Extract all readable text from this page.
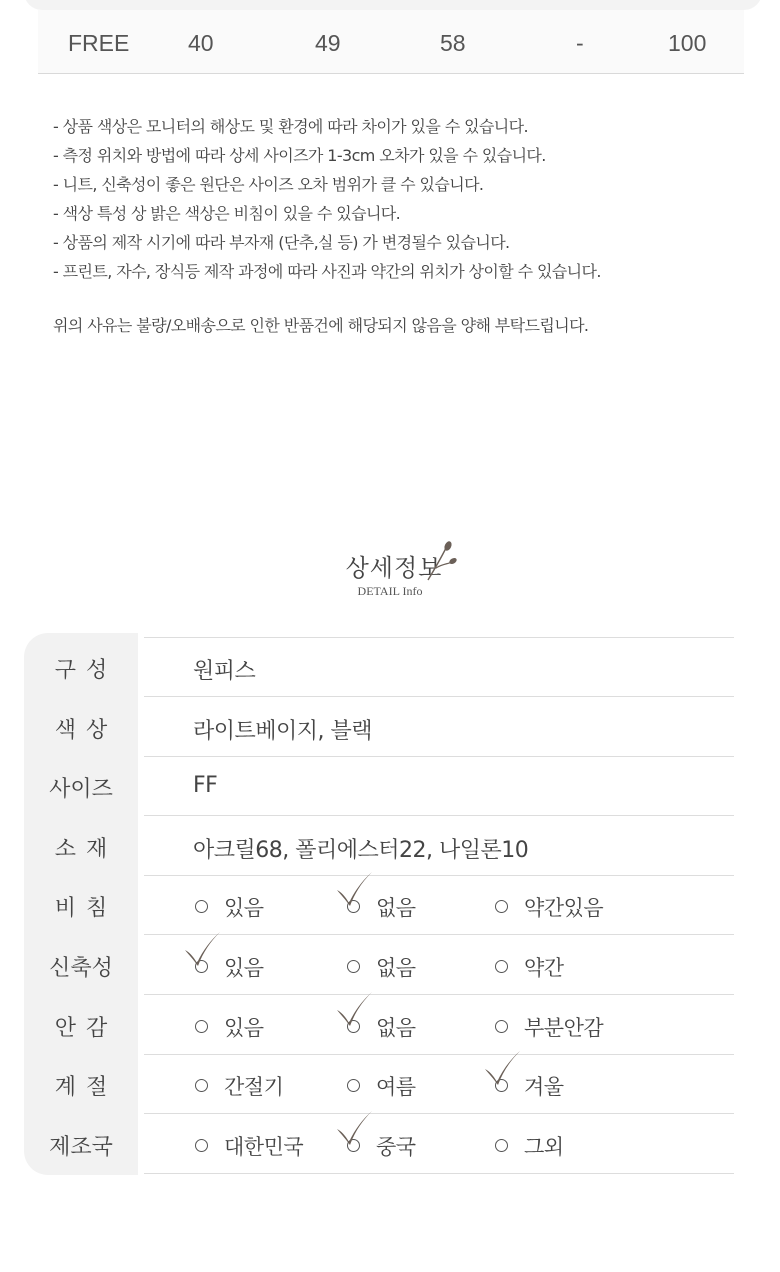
FREE	40	49	58	-	100
- 상품 색상은 모니터의 해상도 및 환경에 따라 차이가 있을 수 있습니다.
- 측정 위치와 방법에 따라 상세 사이즈가 1-3cm 오차가 있을 수 있습니다.
- 니트, 신축성이 좋은 원단은 사이즈 오차 범위가 클 수 있습니다.
- 색상 특성 상 밝은 색상은 비침이 있을 수 있습니다.
- 상품의 제작 시기에 따라 부자재 (단추,실 등) 가 변경될수 있습니다.
- 프린트, 자수, 장식등 제작 과정에 따라 사진과 약간의 위치가 상이할 수 있습니다.
위의 사유는 불량/오배송으로 인한 반품건에 해당되지 않음을 양해 부탁드립니다.
상세정보
DETAIL Info
구성	원피스
색상	라이트베이지, 블랙
사이즈	FF
소재	아크릴68, 폴리에스터22, 나일론10
비침	있음	없음	약간있음
신축성	있음	없음	약간
안감	있음	없음	부분안감
계절	간절기	여름	겨울
제조국	대한민국	중국	그외
